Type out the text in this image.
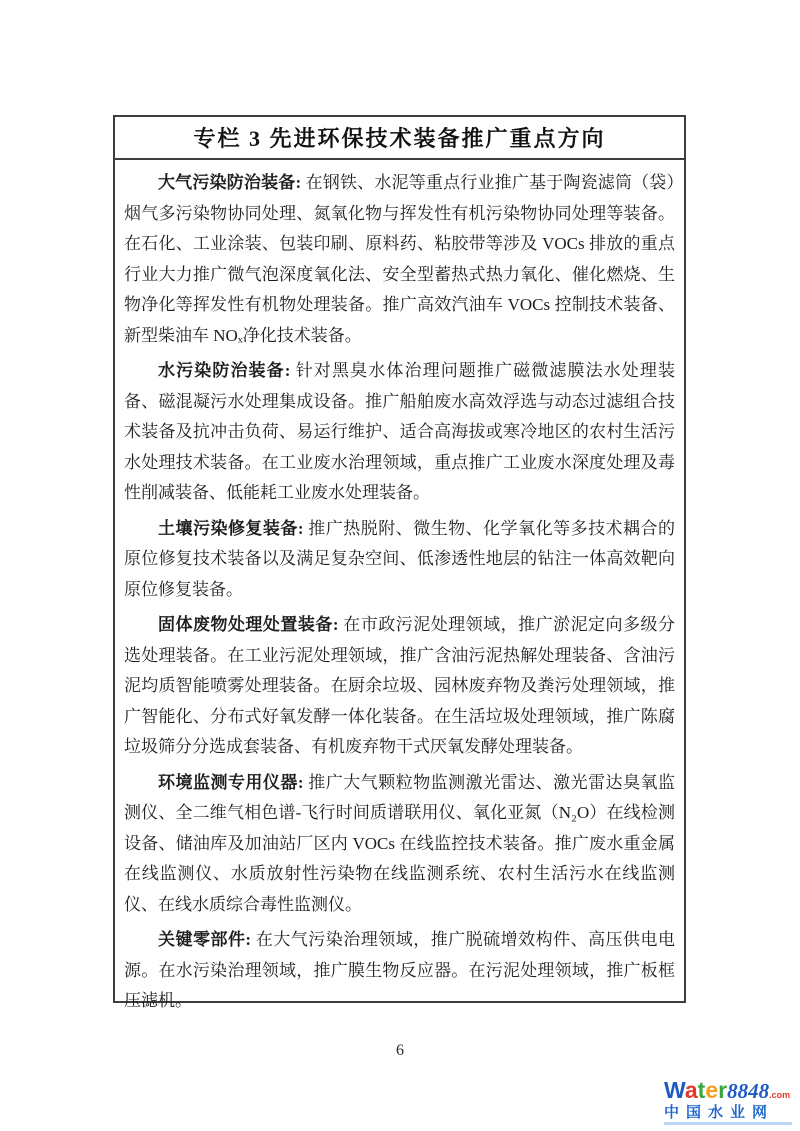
专栏 3 先进环保技术装备推广重点方向

大气污染防治装备: 在钢铁、水泥等重点行业推广基于陶瓷滤筒（袋）烟气多污染物协同处理、氮氧化物与挥发性有机污染物协同处理等装备。在石化、工业涂装、包装印刷、原料药、粘胶带等涉及 VOCs 排放的重点行业大力推广微气泡深度氧化法、安全型蓄热式热力氧化、催化燃烧、生物净化等挥发性有机物处理装备。推广高效汽油车 VOCs 控制技术装备、新型柴油车 NOₓ净化技术装备。

水污染防治装备: 针对黑臭水体治理问题推广磁微滤膜法水处理装备、磁混凝污水处理集成设备。推广船舶废水高效浮选与动态过滤组合技术装备及抗冲击负荷、易运行维护、适合高海拔或寒冷地区的农村生活污水处理技术装备。在工业废水治理领域，重点推广工业废水深度处理及毒性削减装备、低能耗工业废水处理装备。

土壤污染修复装备: 推广热脱附、微生物、化学氧化等多技术耦合的原位修复技术装备以及满足复杂空间、低渗透性地层的钻注一体高效靶向原位修复装备。

固体废物处理处置装备: 在市政污泥处理领域，推广淤泥定向多级分选处理装备。在工业污泥处理领域，推广含油污泥热解处理装备、含油污泥均质智能喷雾处理装备。在厨余垃圾、园林废弃物及粪污处理领域，推广智能化、分布式好氧发酵一体化装备。在生活垃圾处理领域，推广陈腐垃圾筛分分选成套装备、有机废弃物干式厌氧发酵处理装备。

环境监测专用仪器: 推广大气颗粒物监测激光雷达、激光雷达臭氧监测仪、全二维气相色谱-飞行时间质谱联用仪、氧化亚氮（N₂O）在线检测设备、储油库及加油站厂区内 VOCs 在线监控技术装备。推广废水重金属在线监测仪、水质放射性污染物在线监测系统、农村生活污水在线监测仪、在线水质综合毒性监测仪。

关键零部件: 在大气污染治理领域，推广脱硫增效构件、高压供电电源。在水污染治理领域，推广膜生物反应器。在污泥处理领域，推广板框压滤机。

6
Water8848.com
中国水业网
